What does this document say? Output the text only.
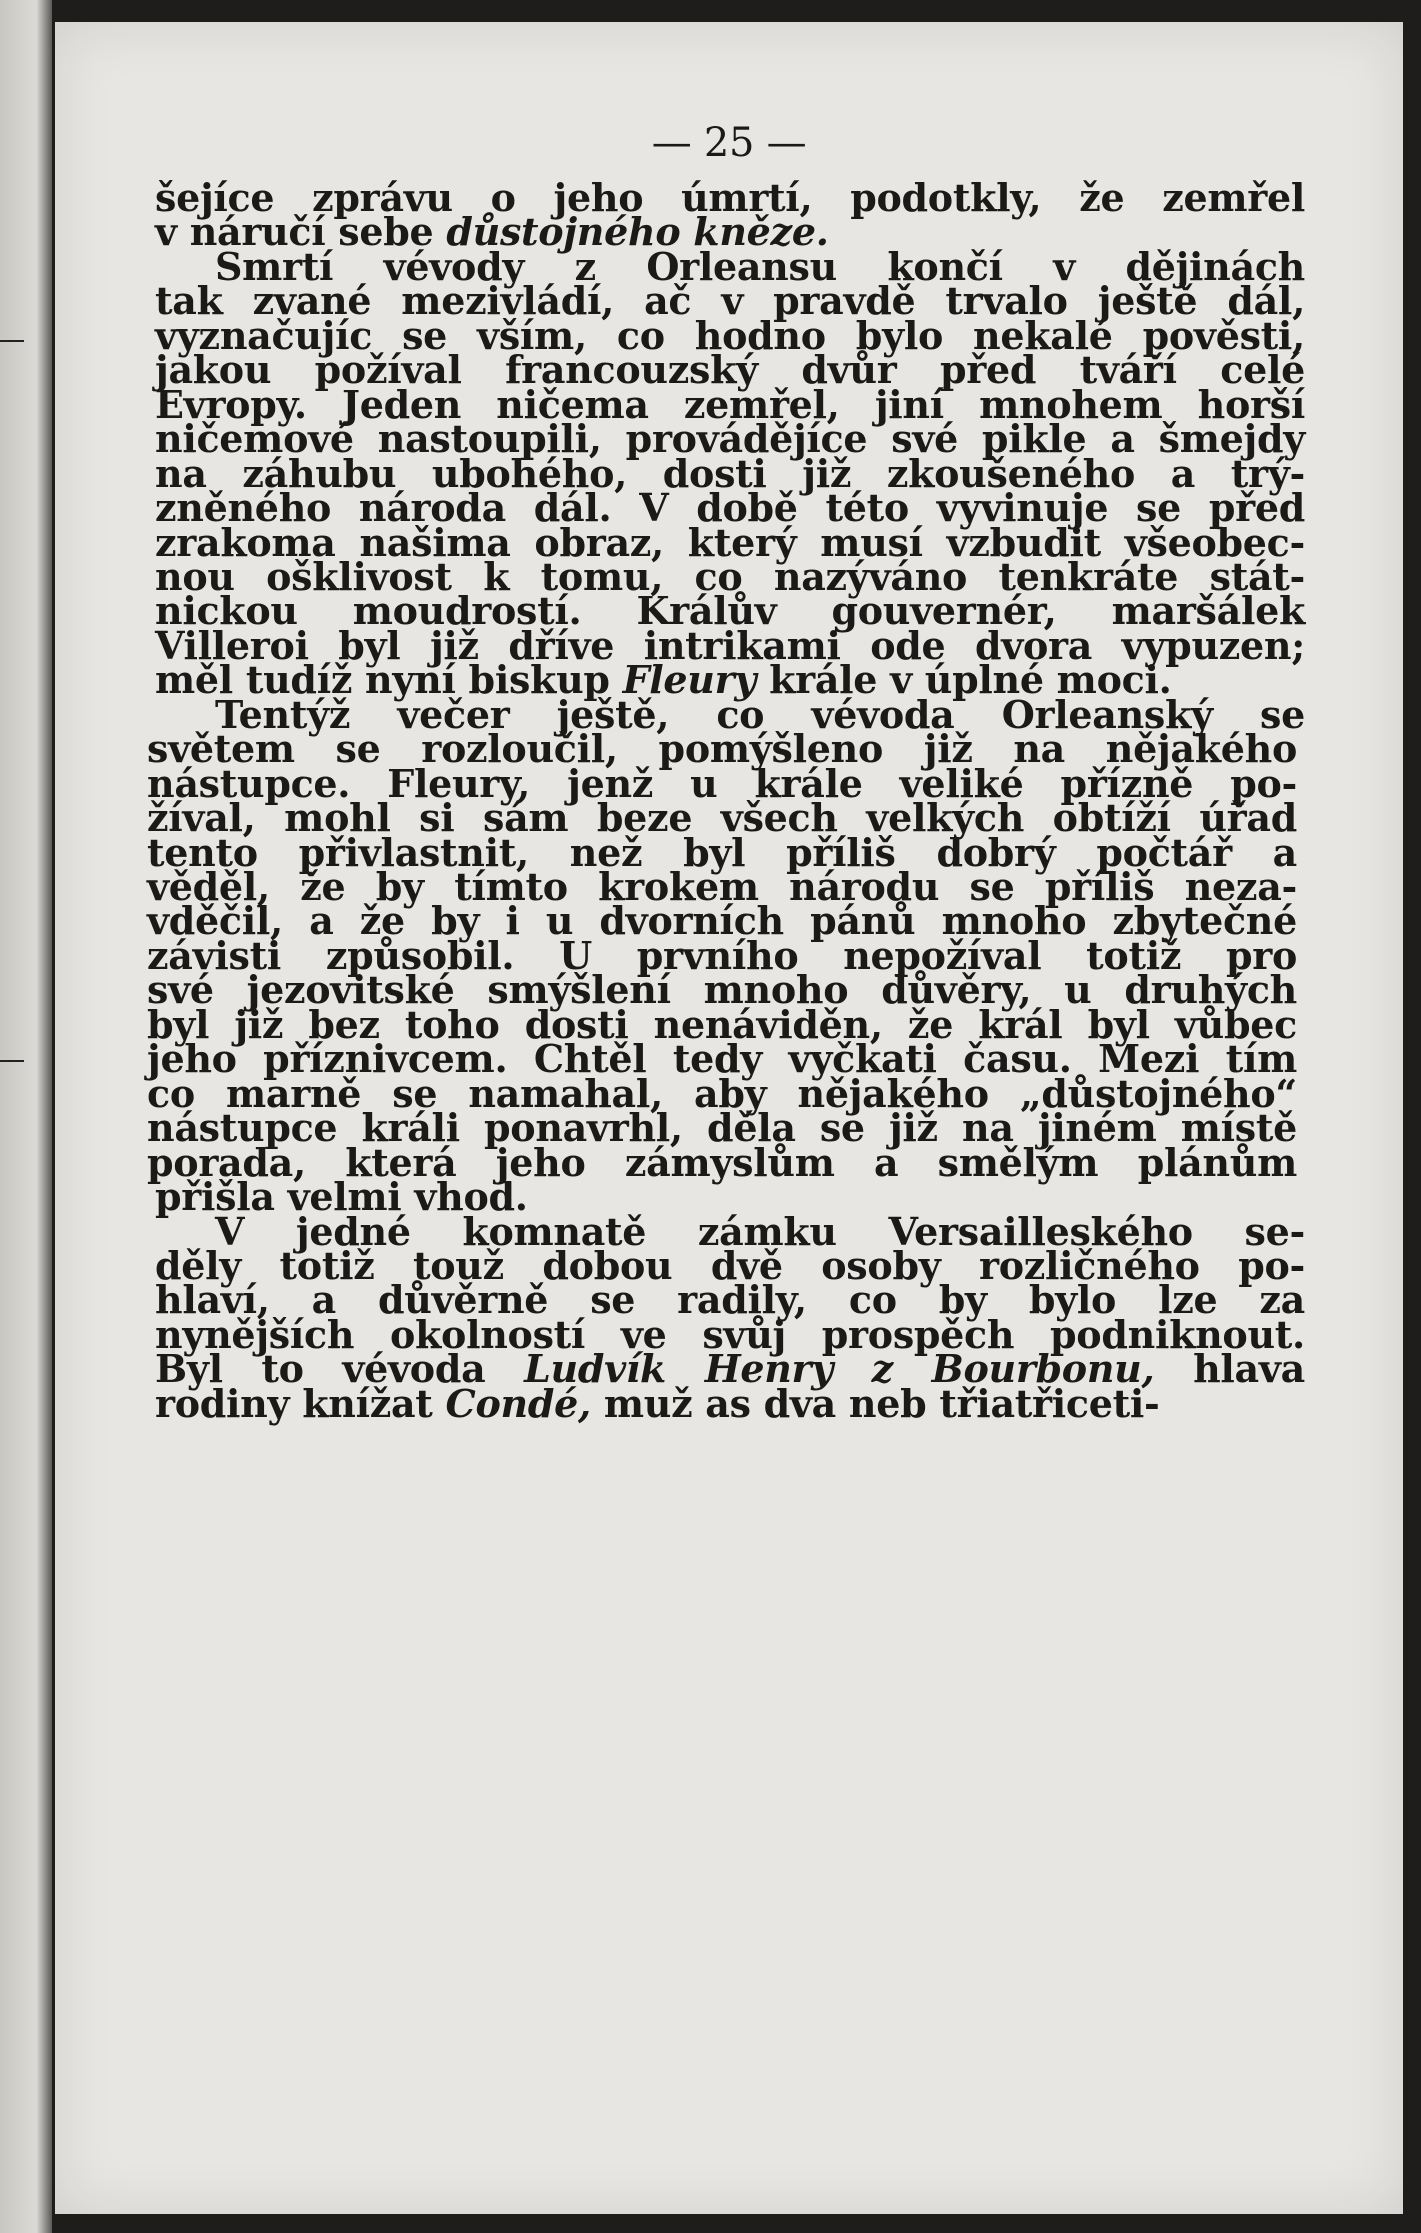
— 25 —
šejíce zprávu o jeho úmrtí, podotkly, že zemřel
v náručí sebe důstojného kněze.
Smrtí vévody z Orleansu končí v dějinách
tak zvané mezivládí, ač v pravdě trvalo ještě dál,
vyznačujíc se vším, co hodno bylo nekalé pověsti,
jakou požíval francouzský dvůr před tváří celé
Evropy. Jeden ničema zemřel, jiní mnohem horší
ničemové nastoupili, provádějíce své pikle a šmejdy
na záhubu ubohého, dosti již zkoušeného a trý-
zněného národa dál. V době této vyvinuje se před
zrakoma našima obraz, který musí vzbudit všeobec-
nou ošklivost k tomu, co nazýváno tenkráte stát-
nickou moudrostí. Králův gouvernér, maršálek
Villeroi byl již dříve intrikami ode dvora vypuzen;
měl tudíž nyní biskup Fleury krále v úplné moci.
Tentýž večer ještě, co vévoda Orleanský se
světem se rozloučil, pomýšleno již na nějakého
nástupce. Fleury, jenž u krále veliké přízně po-
žíval, mohl si sám beze všech velkých obtíží úřad
tento přivlastnit, než byl příliš dobrý počtář a
věděl, že by tímto krokem národu se příliš neza-
vděčil, a že by i u dvorních pánů mnoho zbytečné
závisti způsobil. U prvního nepožíval totiž pro
své jezovitské smýšlení mnoho důvěry, u druhých
byl již bez toho dosti nenáviděn, že král byl vůbec
jeho příznivcem. Chtěl tedy vyčkati času. Mezi tím
co marně se namahal, aby nějakého „důstojného“
nástupce králi ponavrhl, děla se již na jiném místě
porada, která jeho zámyslům a smělým plánům
přišla velmi vhod.
V jedné komnatě zámku Versailleského se-
děly totiž touž dobou dvě osoby rozličného po-
hlaví, a důvěrně se radily, co by bylo lze za
nynějších okolností ve svůj prospěch podniknout.
Byl to vévoda Ludvík Henry z Bourbonu, hlava
rodiny knížat Condé, muž as dva neb třiatřiceti-
